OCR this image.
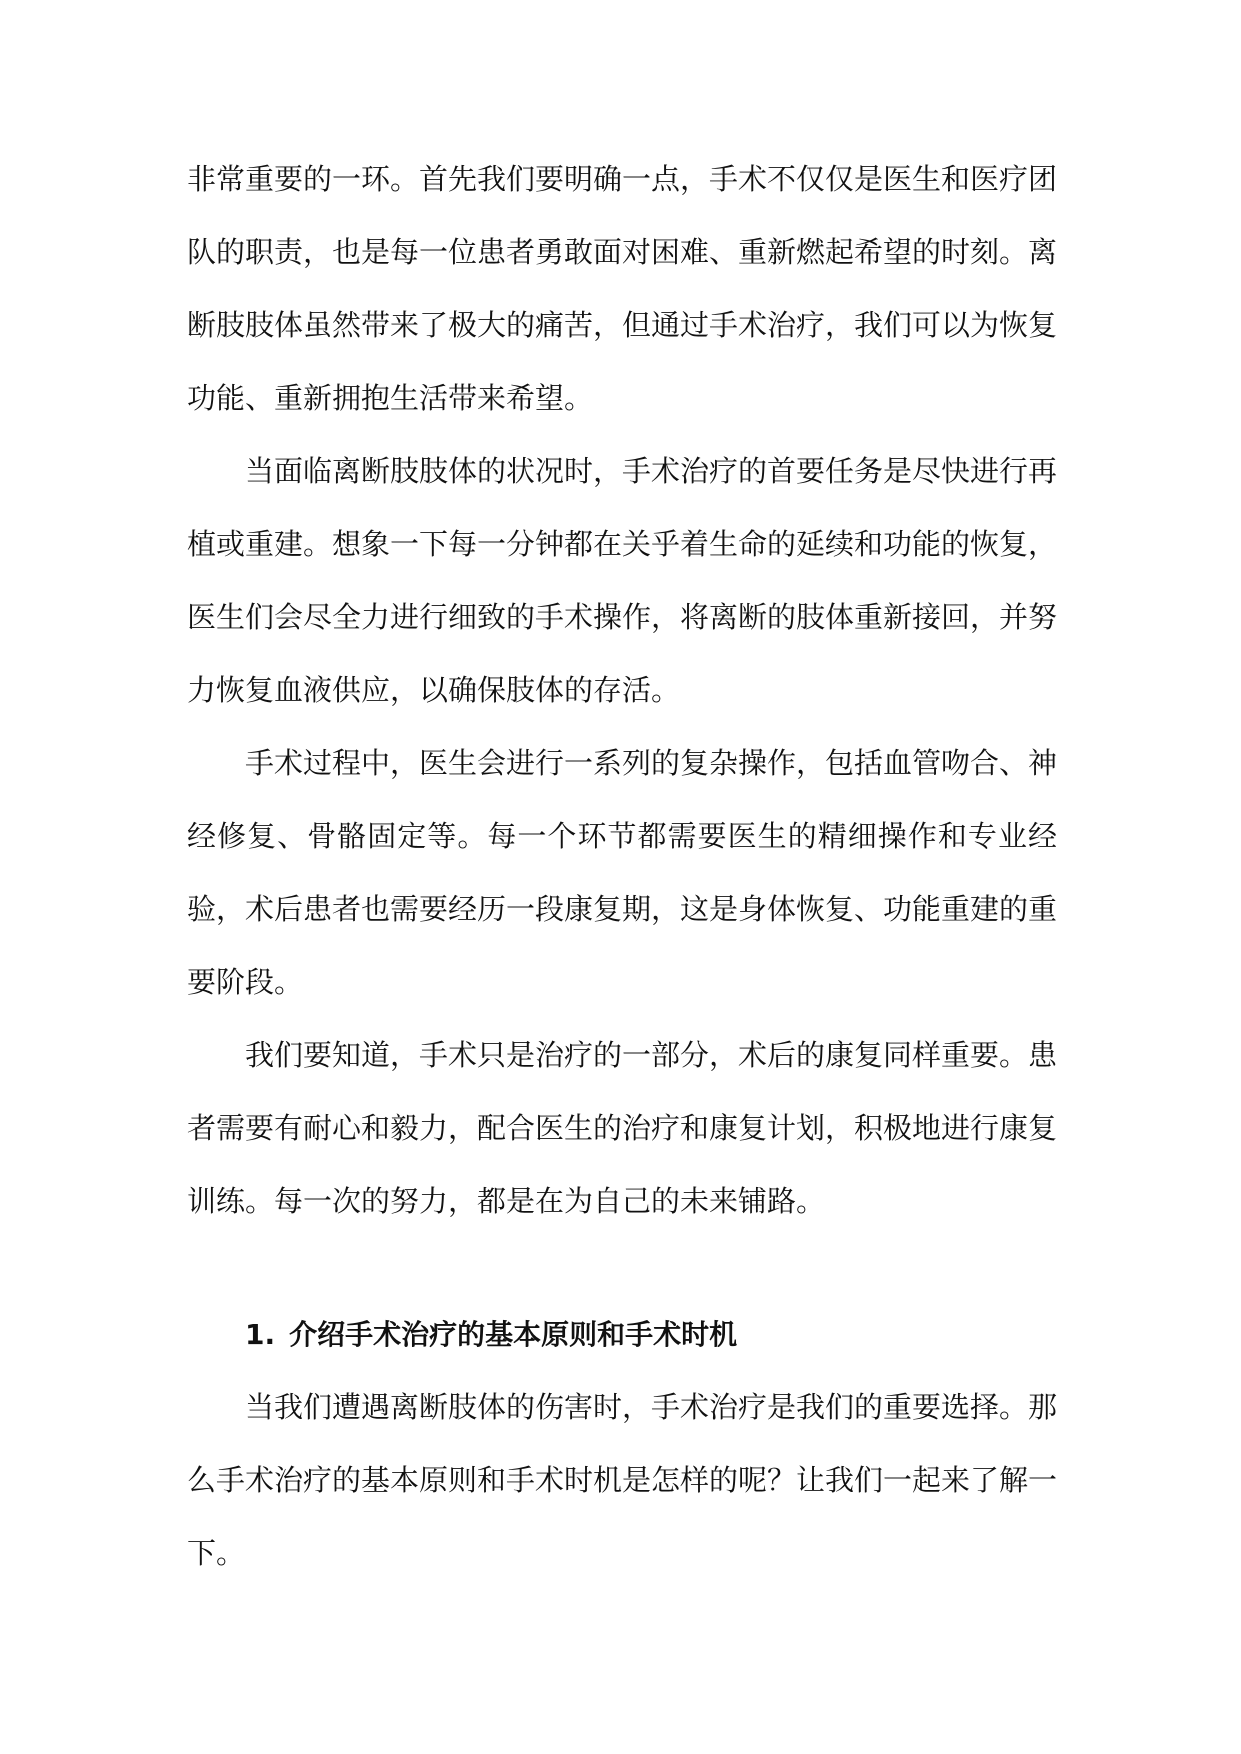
非常重要的一环。首先我们要明确一点，手术不仅仅是医生和医疗团队的职责，也是每一位患者勇敢面对困难、重新燃起希望的时刻。离断肢肢体虽然带来了极大的痛苦，但通过手术治疗，我们可以为恢复功能、重新拥抱生活带来希望。

当面临离断肢肢体的状况时，手术治疗的首要任务是尽快进行再植或重建。想象一下每一分钟都在关乎着生命的延续和功能的恢复，医生们会尽全力进行细致的手术操作，将离断的肢体重新接回，并努力恢复血液供应，以确保肢体的存活。

手术过程中，医生会进行一系列的复杂操作，包括血管吻合、神经修复、骨骼固定等。每一个环节都需要医生的精细操作和专业经验，术后患者也需要经历一段康复期，这是身体恢复、功能重建的重要阶段。

我们要知道，手术只是治疗的一部分，术后的康复同样重要。患者需要有耐心和毅力，配合医生的治疗和康复计划，积极地进行康复训练。每一次的努力，都是在为自己的未来铺路。

1. 介绍手术治疗的基本原则和手术时机

当我们遭遇离断肢体的伤害时，手术治疗是我们的重要选择。那么手术治疗的基本原则和手术时机是怎样的呢？让我们一起来了解一下。
